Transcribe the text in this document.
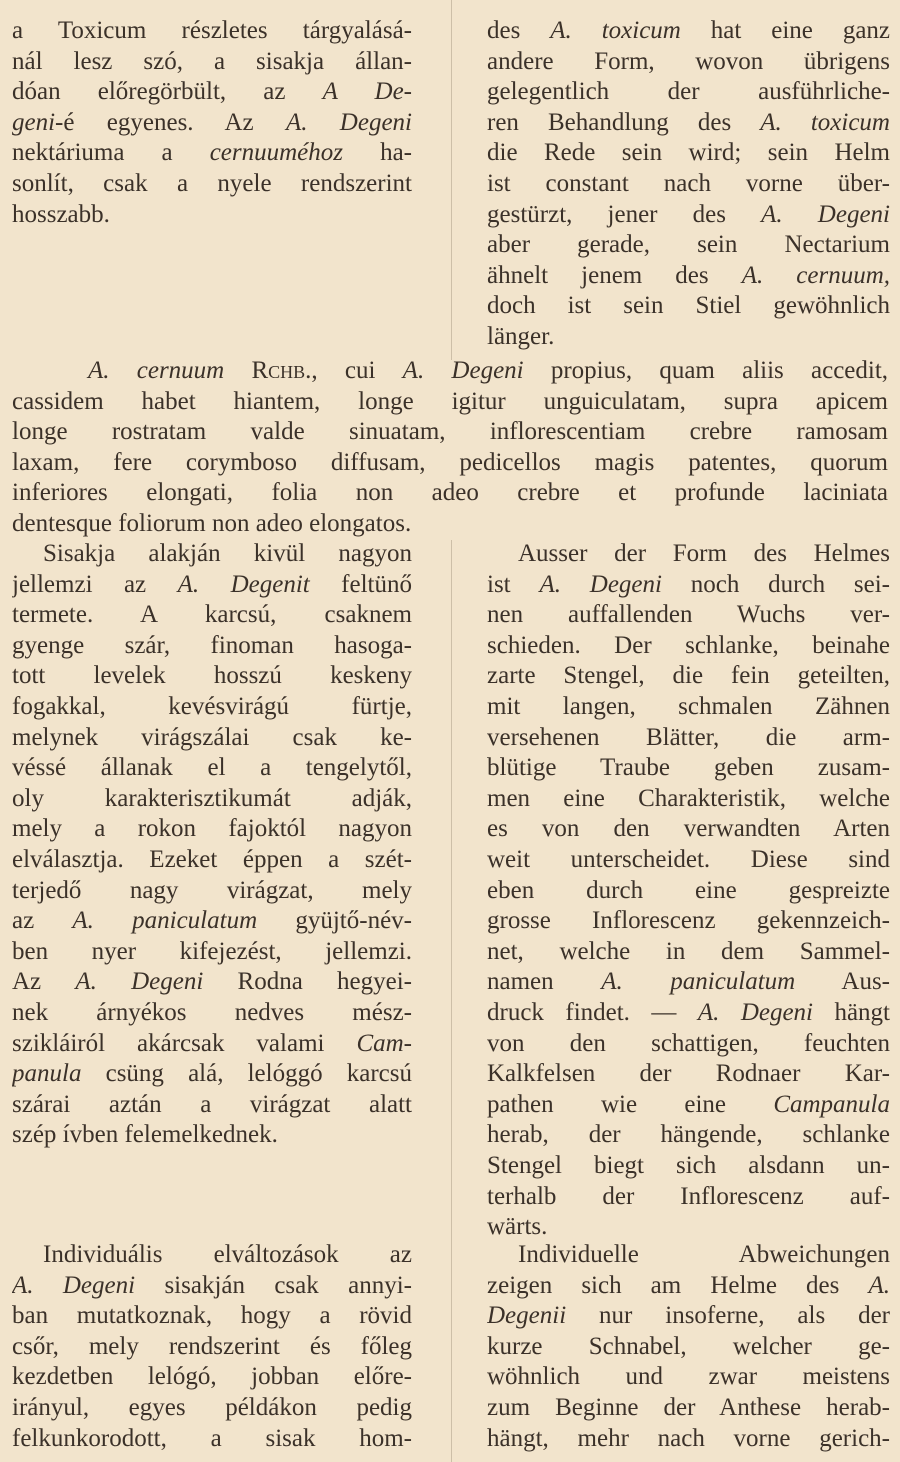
a Toxicum részletes tárgyalásá-
nál lesz szó, a sisakja állan-
dóan előregörbült, az A De-
geni-é egyenes. Az A. Degeni
nektáriuma a cernuuméhoz ha-
sonlít, csak a nyele rendszerint
hosszabb.
des A. toxicum hat eine ganz
andere Form, wovon übrigens
gelegentlich der ausführliche-
ren Behandlung des A. toxicum
die Rede sein wird; sein Helm
ist constant nach vorne über-
gestürzt, jener des A. Degeni
aber gerade, sein Nectarium
ähnelt jenem des A. cernuum,
doch ist sein Stiel gewöhnlich
länger.
A. cernuum Rchb., cui A. Degeni propius, quam aliis accedit,
cassidem habet hiantem, longe igitur unguiculatam, supra apicem
longe rostratam valde sinuatam, inflorescentiam crebre ramosam
laxam, fere corymboso diffusam, pedicellos magis patentes, quorum
inferiores elongati, folia non adeo crebre et profunde laciniata
dentesque foliorum non adeo elongatos.
Sisakja alakján kivül nagyon
jellemzi az A. Degenit feltünő
termete. A karcsú, csaknem
gyenge szár, finoman hasoga-
tott levelek hosszú keskeny
fogakkal, kevésvirágú fürtje,
melynek virágszálai csak ke-
véssé állanak el a tengelytől,
oly karakterisztikumát adják,
mely a rokon fajoktól nagyon
elválasztja. Ezeket éppen a szét-
terjedő nagy virágzat, mely
az A. paniculatum gyüjtő-név-
ben nyer kifejezést, jellemzi.
Az A. Degeni Rodna hegyei-
nek árnyékos nedves mész-
szikláiról akárcsak valami Cam-
panula csüng alá, lelóggó karcsú
szárai aztán a virágzat alatt
szép ívben felemelkednek.
Ausser der Form des Helmes
ist A. Degeni noch durch sei-
nen auffallenden Wuchs ver-
schieden. Der schlanke, beinahe
zarte Stengel, die fein geteilten,
mit langen, schmalen Zähnen
versehenen Blätter, die arm-
blütige Traube geben zusam-
men eine Charakteristik, welche
es von den verwandten Arten
weit unterscheidet. Diese sind
eben durch eine gespreizte
grosse Inflorescenz gekennzeich-
net, welche in dem Sammel-
namen A. paniculatum Aus-
druck findet. — A. Degeni hängt
von den schattigen, feuchten
Kalkfelsen der Rodnaer Kar-
pathen wie eine Campanula
herab, der hängende, schlanke
Stengel biegt sich alsdann un-
terhalb der Inflorescenz auf-
wärts.
Individuális elváltozások az
A. Degeni sisakján csak annyi-
ban mutatkoznak, hogy a rövid
csőr, mely rendszerint és főleg
kezdetben lelógó, jobban előre-
irányul, egyes példákon pedig
felkunkorodott, a sisak hom-
Individuelle Abweichungen
zeigen sich am Helme des A.
Degenii nur insoferne, als der
kurze Schnabel, welcher ge-
wöhnlich und zwar meistens
zum Beginne der Anthese herab-
hängt, mehr nach vorne gerich-
